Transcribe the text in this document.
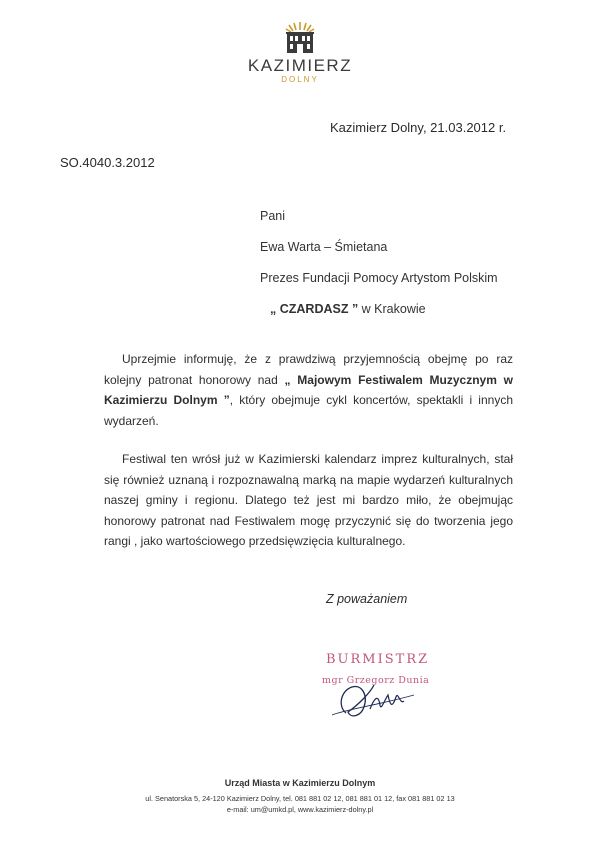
KAZIMIERZ
DOLNY
Kazimierz Dolny, 21.03.2012 r.
SO.4040.3.2012
Pani
Ewa Warta – Śmietana
Prezes Fundacji Pomocy Artystom Polskim
„ CZARDASZ ” w Krakowie
Uprzejmie informuję, że z prawdziwą przyjemnością obejmę po raz kolejny patronat honorowy nad „ Majowym Festiwalem Muzycznym w Kazimierzu Dolnym ”, który obejmuje cykl koncertów, spektakli i innych wydarzeń.
Festiwal ten wrósł już w Kazimierski kalendarz imprez kulturalnych, stał się również uznaną i rozpoznawalną marką na mapie wydarzeń kulturalnych naszej gminy i regionu. Dlatego też jest mi bardzo miło, że obejmując honorowy patronat nad Festiwalem mogę przyczynić się do tworzenia jego rangi , jako wartościowego przedsięwzięcia kulturalnego.
Z poważaniem
BURMISTRZ
mgr Grzegorz Dunia
Urząd Miasta w Kazimierzu Dolnym
ul. Senatorska 5, 24-120 Kazimierz Dolny, tel. 081 881 02 12, 081 881 01 12, fax 081 881 02 13
e-mail: um@umkd.pl, www.kazimierz-dolny.pl
